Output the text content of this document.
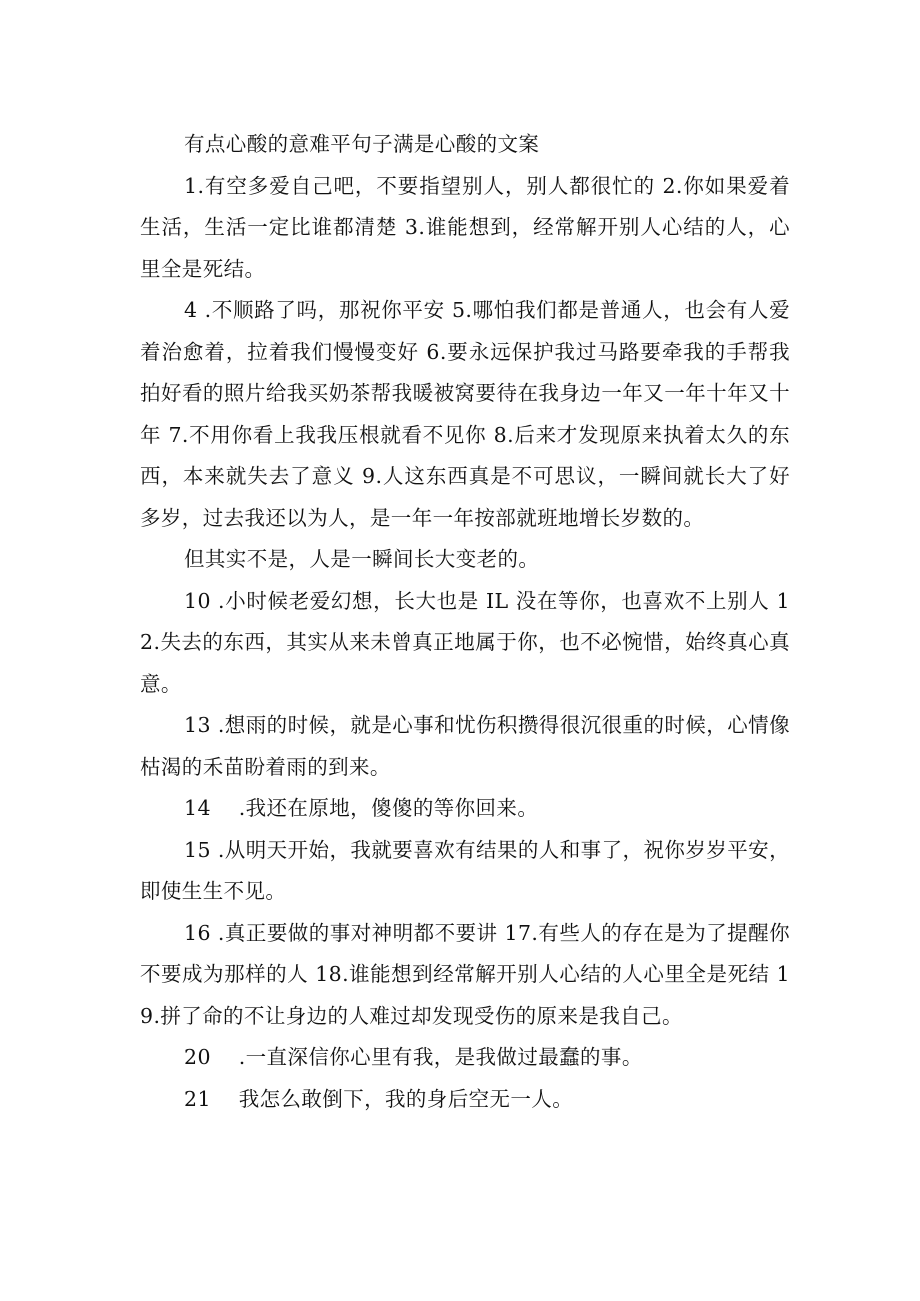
有点心酸的意难平句子满是心酸的文案

1.有空多爱自己吧，不要指望别人，别人都很忙的 2.你如果爱着生活，生活一定比谁都清楚 3.谁能想到，经常解开别人心结的人，心里全是死结。

4 .不顺路了吗，那祝你平安 5.哪怕我们都是普通人，也会有人爱着治愈着，拉着我们慢慢变好 6.要永远保护我过马路要牵我的手帮我拍好看的照片给我买奶茶帮我暖被窝要待在我身边一年又一年十年又十年 7.不用你看上我我压根就看不见你 8.后来才发现原来执着太久的东西，本来就失去了意义 9.人这东西真是不可思议，一瞬间就长大了好多岁，过去我还以为人，是一年一年按部就班地增长岁数的。

但其实不是，人是一瞬间长大变老的。

10 .小时候老爱幻想，长大也是 IL 没在等你，也喜欢不上别人 12.失去的东西，其实从来未曾真正地属于你，也不必惋惜，始终真心真意。

13 .想雨的时候，就是心事和忧伤积攒得很沉很重的时候，心情像枯渴的禾苗盼着雨的到来。

14　 .我还在原地，傻傻的等你回来。

15 .从明天开始，我就要喜欢有结果的人和事了，祝你岁岁平安，即使生生不见。

16 .真正要做的事对神明都不要讲 17.有些人的存在是为了提醒你不要成为那样的人 18.谁能想到经常解开别人心结的人心里全是死结 19.拼了命的不让身边的人难过却发现受伤的原来是我自己。

20　 .一直深信你心里有我，是我做过最蠢的事。

21　 我怎么敢倒下，我的身后空无一人。
